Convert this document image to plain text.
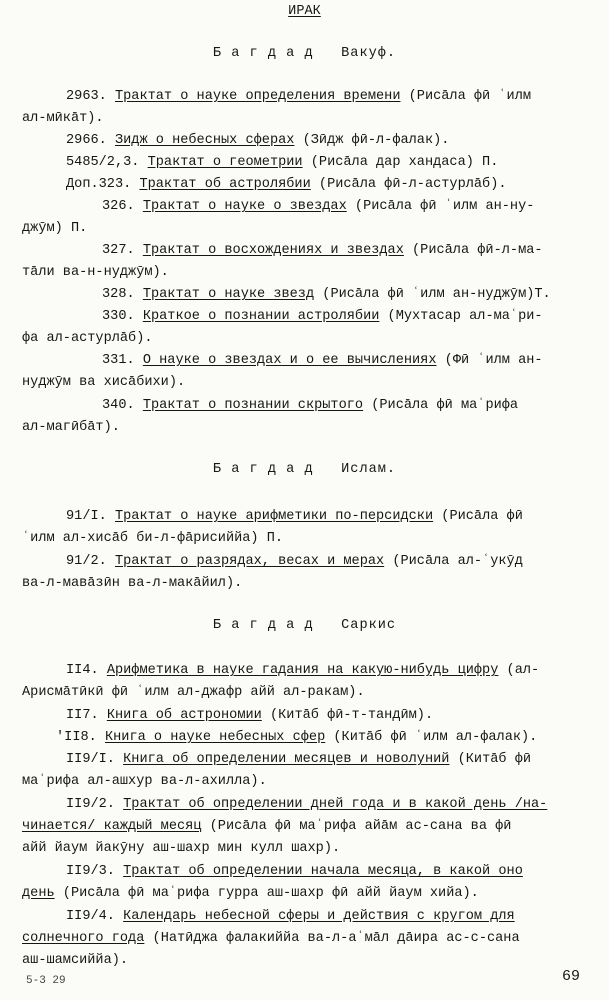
ИРАК
Б а г д а д   Вакуф.
2963. Трактат о науке определения времени (Рисāла фӣ ʿилм
ал-мӣкāт).
2966. Зидж о небесных сферах (Зӣдж фӣ-л-фалак).
5485/2,3. Трактат о геометрии (Рисāла дар хандаса) П.
Доп.323. Трактат об астролябии (Рисāла фӣ-л-астурлāб).
326. Трактат о науке о звездах (Рисāла фӣ ʿилм ан-ну-
джӯм) П.
327. Трактат о восхождениях и звездах (Рисāла фӣ-л-ма-
тāли ва-н-нуджӯм).
328. Трактат о науке звезд (Рисāла фӣ ʿилм ан-нуджӯм)Т.
330. Краткое о познании астролябии (Мухтасар ал-маʿри-
фа ал-астурлāб).
331. О науке о звездах и о ее вычислениях (Фӣ ʿилм ан-
нуджӯм ва хисāбихи).
340. Трактат о познании скрытого (Рисāла фӣ маʿрифа
ал-магӣбāт).
Б а г д а д   Ислам.
91/I. Трактат о науке арифметики по-персидски (Рисāла фӣ
ʿилм ал-хисāб би-л-фāрисиййа) П.
91/2. Трактат о разрядах, весах и мерах (Рисāла ал-ʿукӯд
ва-л-мавāзӣн ва-л-макāйил).
Б а г д а д   Саркис
II4. Арифметика в науке гадания на какую-нибудь цифру (ал-
Арисмāтӣкӣ фӣ ʿилм ал-джафр айй ал-ракам).
II7. Книга об астрономии (Китāб фӣ-т-тандӣм).
'II8. Книга о науке небесных сфер (Китāб фӣ ʿилм ал-фалак).
II9/I. Книга об определении месяцев и новолуний (Китāб фӣ
маʿрифа ал-ашхур ва-л-ахилла).
II9/2. Трактат об определении дней года и в какой день /на-
чинается/ каждый месяц (Рисāла фӣ маʿрифа айāм ас-сана ва фӣ
айй йаум йакӯну аш-шахр мин кулл шахр).
II9/3. Трактат об определении начала месяца, в какой оно
день (Рисāла фӣ маʿрифа гурра аш-шахр фӣ айй йаум хийа).
II9/4. Календарь небесной сферы и действия с кругом для
солнечного года (Натӣджа фалакиййа ва-л-аʿмāл дāира ас-с-сана
аш-шамсиййа).
5-3 29	69
